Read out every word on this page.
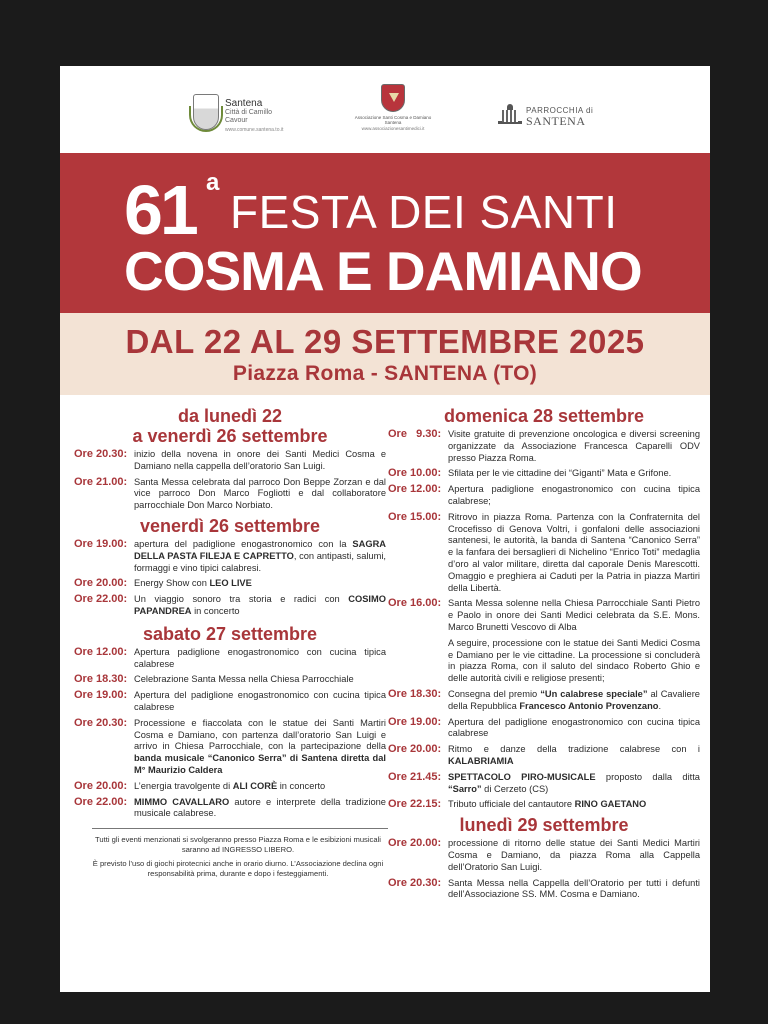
Santena
Città di Camillo Cavour
www.comune.santena.to.it
Associazione Santi Cosma e Damiano Santena
www.associazionesantimedici.it
PARROCCHIA di
SANTENA
61 a
FESTA DEI SANTI
COSMA E DAMIANO
DAL 22 AL 29 SETTEMBRE 2025
Piazza Roma - SANTENA (TO)
da lunedì 22
a venerdì 26 settembre
Ore 20.30: inizio della novena in onore dei Santi Medici Cosma e Damiano nella cappella dell’oratorio San Luigi.
Ore 21.00: Santa Messa celebrata dal parroco Don Beppe Zorzan e dal vice parroco Don Marco Fogliotti e dal collaboratore parrocchiale Don Marco Norbiato.
venerdì 26 settembre
Ore 19.00: apertura del padiglione enogastronomico con la SAGRA DELLA PASTA FILEJA E CAPRETTO, con antipasti, salumi, formaggi e vino tipici calabresi.
Ore 20.00: Energy Show con LEO LIVE
Ore 22.00: Un viaggio sonoro tra storia e radici con COSIMO PAPANDREA in concerto
sabato 27 settembre
Ore 12.00: Apertura padiglione enogastronomico con cucina tipica calabrese
Ore 18.30: Celebrazione Santa Messa nella Chiesa Parrocchiale
Ore 19.00: Apertura del padiglione enogastronomico con cucina tipica calabrese
Ore 20.30: Processione e fiaccolata con le statue dei Santi Martiri Cosma e Damiano, con partenza dall’oratorio San Luigi e arrivo in Chiesa Parrocchiale, con la partecipazione della banda musicale “Canonico Serra” di Santena diretta dal M° Maurizio Caldera
Ore 20.00: L’energia travolgente di ALI CORÈ in concerto
Ore 22.00: MIMMO CAVALLARO autore e interprete della tradizione musicale calabrese.
Tutti gli eventi menzionati si svolgeranno presso Piazza Roma e le esibizioni musicali saranno ad INGRESSO LIBERO.
È previsto l’uso di giochi pirotecnici anche in orario diurno. L’Associazione declina ogni responsabilità prima, durante e dopo i festeggiamenti.
domenica 28 settembre
Ore   9.30: Visite gratuite di prevenzione oncologica e diversi screening organizzate da Associazione Francesca Caparelli ODV presso Piazza Roma.
Ore 10.00: Sfilata per le vie cittadine dei “Giganti” Mata e Grifone.
Ore 12.00: Apertura padiglione enogastronomico con cucina tipica calabrese;
Ore 15.00: Ritrovo in piazza Roma. Partenza con la Confraternita del Crocefisso di Genova Voltri, i gonfaloni delle associazioni santenesi, le autorità, la banda di Santena “Canonico Serra” e la fanfara dei bersaglieri di Nichelino “Enrico Toti” medaglia d’oro al valor militare, diretta dal caporale Denis Marescotti. Omaggio e preghiera ai Caduti per la Patria in piazza Martiri della Libertà.
Ore 16.00: Santa Messa solenne nella Chiesa Parrocchiale Santi Pietro e Paolo in onore dei Santi Medici celebrata da S.E. Mons. Marco Brunetti Vescovo di Alba
A seguire, processione con le statue dei Santi Medici Cosma e Damiano per le vie cittadine. La processione si concluderà in piazza Roma, con il saluto del sindaco Roberto Ghio e delle autorità civili e religiose presenti;
Ore 18.30: Consegna del premio “Un calabrese speciale” al Cavaliere della Repubblica Francesco Antonio Provenzano.
Ore 19.00: Apertura del padiglione enogastronomico con cucina tipica calabrese
Ore 20.00: Ritmo e danze della tradizione calabrese con i KALABRIAMIA
Ore 21.45: SPETTACOLO PIRO-MUSICALE proposto dalla ditta “Sarro” di Cerzeto (CS)
Ore 22.15: Tributo ufficiale del cantautore RINO GAETANO
lunedì 29 settembre
Ore 20.00: processione di ritorno delle statue dei Santi Medici Martiri Cosma e Damiano, da piazza Roma alla Cappella dell’Oratorio San Luigi.
Ore 20.30: Santa Messa nella Cappella dell’Oratorio per tutti i defunti dell’Associazione SS. MM. Cosma e Damiano.
